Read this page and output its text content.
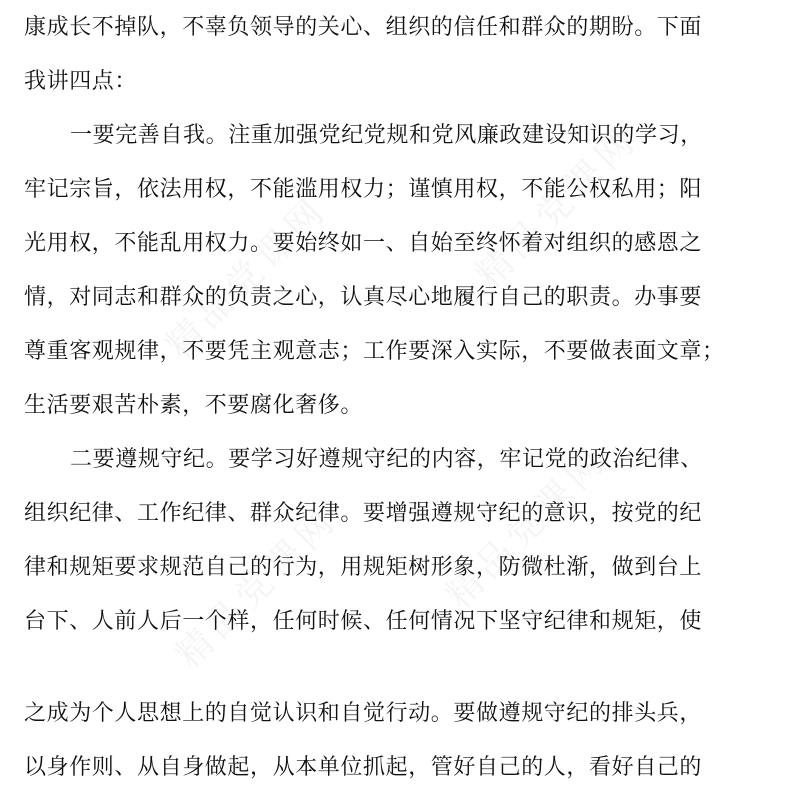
精品党课网	精品党课网
精品党课网	精品党课网
康成长不掉队，不辜负领导的关心、组织的信任和群众的期盼。下面
我讲四点：
一要完善自我。注重加强党纪党规和党风廉政建设知识的学习，
牢记宗旨，依法用权，不能滥用权力；谨慎用权，不能公权私用；阳
光用权，不能乱用权力。要始终如一、自始至终怀着对组织的感恩之
情，对同志和群众的负责之心，认真尽心地履行自己的职责。办事要
尊重客观规律，不要凭主观意志；工作要深入实际，不要做表面文章；
生活要艰苦朴素，不要腐化奢侈。
二要遵规守纪。要学习好遵规守纪的内容，牢记党的政治纪律、
组织纪律、工作纪律、群众纪律。要增强遵规守纪的意识，按党的纪
律和规矩要求规范自己的行为，用规矩树形象，防微杜渐，做到台上
台下、人前人后一个样，任何时候、任何情况下坚守纪律和规矩，使
之成为个人思想上的自觉认识和自觉行动。要做遵规守纪的排头兵，
以身作则、从自身做起，从本单位抓起，管好自己的人，看好自己的
